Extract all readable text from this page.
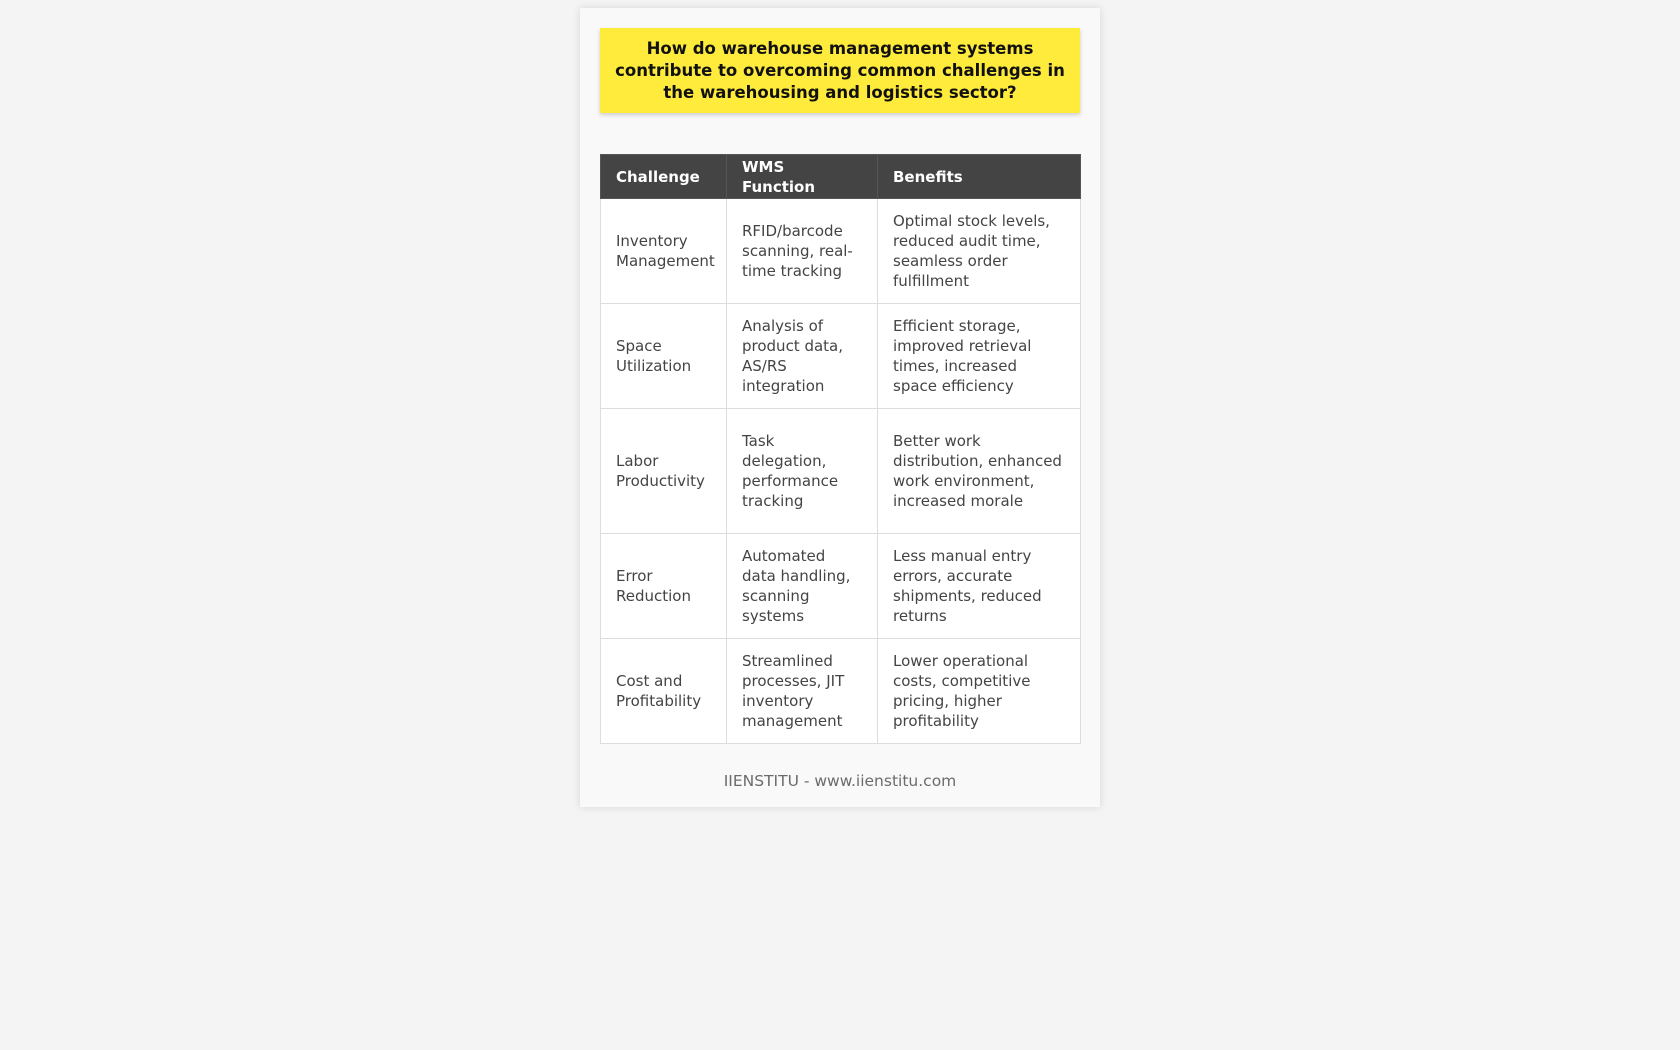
How do warehouse management systems contribute to overcoming common challenges in the warehousing and logistics sector?
Challenge	WMS Function	Benefits
Inventory Management	RFID/barcode scanning, real-time tracking	Optimal stock levels, reduced audit time, seamless order fulfillment
Space Utilization	Analysis of product data, AS/RS integration	Efficient storage, improved retrieval times, increased space efficiency
Labor Productivity	Task delegation, performance tracking	Better work distribution, enhanced work environment, increased morale
Error Reduction	Automated data handling, scanning systems	Less manual entry errors, accurate shipments, reduced returns
Cost and Profitability	Streamlined processes, JIT inventory management	Lower operational costs, competitive pricing, higher profitability
IIENSTITU - www.iienstitu.com
